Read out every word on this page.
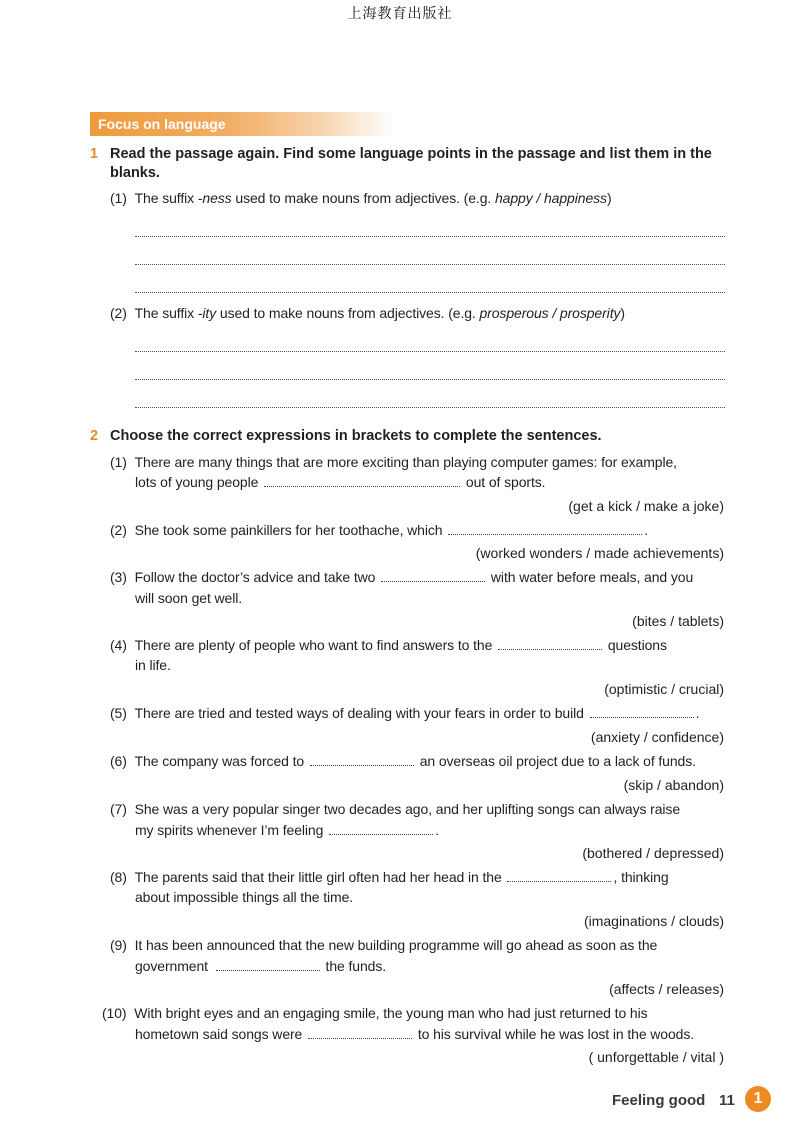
上海教育出版社
Focus on language
1 Read the passage again. Find some language points in the passage and list them in the blanks.
(1) The suffix -ness used to make nouns from adjectives. (e.g. happy / happiness)
(2) The suffix -ity used to make nouns from adjectives. (e.g. prosperous / prosperity)
2 Choose the correct expressions in brackets to complete the sentences.
(1) There are many things that are more exciting than playing computer games: for example,
lots of young people	out of sports.
(get a kick / make a joke)
(2) She took some painkillers for her toothache, which	.
(worked wonders / made achievements)
(3) Follow the doctor’s advice and take two	with water before meals, and you
will soon get well.
(bites / tablets)
(4) There are plenty of people who want to find answers to the	questions
in life.
(optimistic / crucial)
(5) There are tried and tested ways of dealing with your fears in order to build	.
(anxiety / confidence)
(6) The company was forced to	an overseas oil project due to a lack of funds.
(skip / abandon)
(7) She was a very popular singer two decades ago, and her uplifting songs can always raise
my spirits whenever I’m feeling	.
(bothered / depressed)
(8) The parents said that their little girl often had her head in the	, thinking
about impossible things all the time.
(imaginations / clouds)
(9) It has been announced that the new building programme will go ahead as soon as the
government	the funds.
(affects / releases)
(10) With bright eyes and an engaging smile, the young man who had just returned to his
hometown said songs were	to his survival while he was lost in the woods.
( unforgettable / vital )
Feeling good 11	1
